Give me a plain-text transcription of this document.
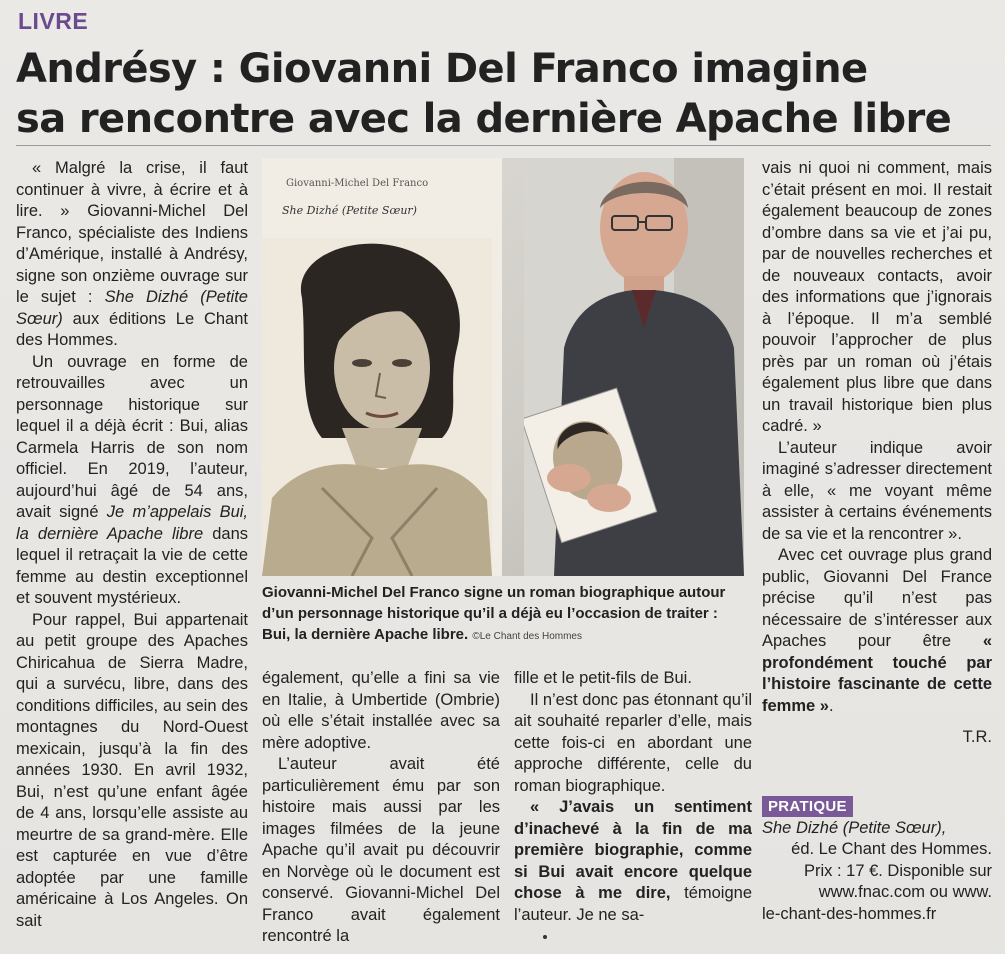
LIVRE
Andrésy : Giovanni Del Franco imagine
sa rencontre avec la dernière Apache libre

« Malgré la crise, il faut continuer à vivre, à écrire et à lire. » Giovanni-Michel Del Franco, spécialiste des Indiens d’Amérique, installé à Andrésy, signe son onzième ouvrage sur le sujet : She Dizhé (Petite Sœur) aux éditions Le Chant des Hommes.

Un ouvrage en forme de retrouvailles avec un personnage historique sur lequel il a déjà écrit : Bui, alias Carmela Harris de son nom officiel. En 2019, l’auteur, aujourd’hui âgé de 54 ans, avait signé Je m’appelais Bui, la dernière Apache libre dans lequel il retraçait la vie de cette femme au destin exceptionnel et souvent mystérieux.

Pour rappel, Bui appartenait au petit groupe des Apaches Chiricahua de Sierra Madre, qui a survécu, libre, dans des conditions difficiles, au sein des montagnes du Nord-Ouest mexicain, jusqu’à la fin des années 1930. En avril 1932, Bui, n’est qu’une enfant âgée de 4 ans, lorsqu’elle assiste au meurtre de sa grand-mère. Elle est capturée en vue d’être adoptée par une famille américaine à Los Angeles. On sait

Giovanni-Michel Del Franco
She Dizhé (Petite Sœur)
Giovanni-Michel Del Franco signe un roman biographique autour d’un personnage historique qu’il a déjà eu l’occasion de traiter : Bui, la dernière Apache libre. ©Le Chant des Hommes

également, qu’elle a fini sa vie en Italie, à Umbertide (Ombrie) où elle s’était installée avec sa mère adoptive.

L’auteur avait été particulièrement ému par son histoire mais aussi par les images filmées de la jeune Apache qu’il avait pu découvrir en Norvège où le document est conservé. Giovanni-Michel Del Franco avait également rencontré la

fille et le petit-fils de Bui.

Il n’est donc pas étonnant qu’il ait souhaité reparler d’elle, mais cette fois-ci en abordant une approche différente, celle du roman biographique.

« J’avais un sentiment d’inachevé à la fin de ma première biographie, comme si Bui avait encore quelque chose à me dire, témoigne l’auteur. Je ne sa-

vais ni quoi ni comment, mais c’était présent en moi. Il restait également beaucoup de zones d’ombre dans sa vie et j’ai pu, par de nouvelles recherches et de nouveaux contacts, avoir des informations que j’ignorais à l’époque. Il m’a semblé pouvoir l’approcher de plus près par un roman où j’étais également plus libre que dans un travail historique bien plus cadré. »

L’auteur indique avoir imaginé s’adresser directement à elle, « me voyant même assister à certains événements de sa vie et la rencontrer ».

Avec cet ouvrage plus grand public, Giovanni Del France précise qu’il n’est pas nécessaire de s’intéresser aux Apaches pour être « profondément touché par l’histoire fascinante de cette femme ».

T.R.

PRATIQUE
She Dizhé (Petite Sœur),
éd. Le Chant des Hommes.
Prix : 17 €. Disponible sur
www.fnac.com ou www.
le-chant-des-hommes.fr
